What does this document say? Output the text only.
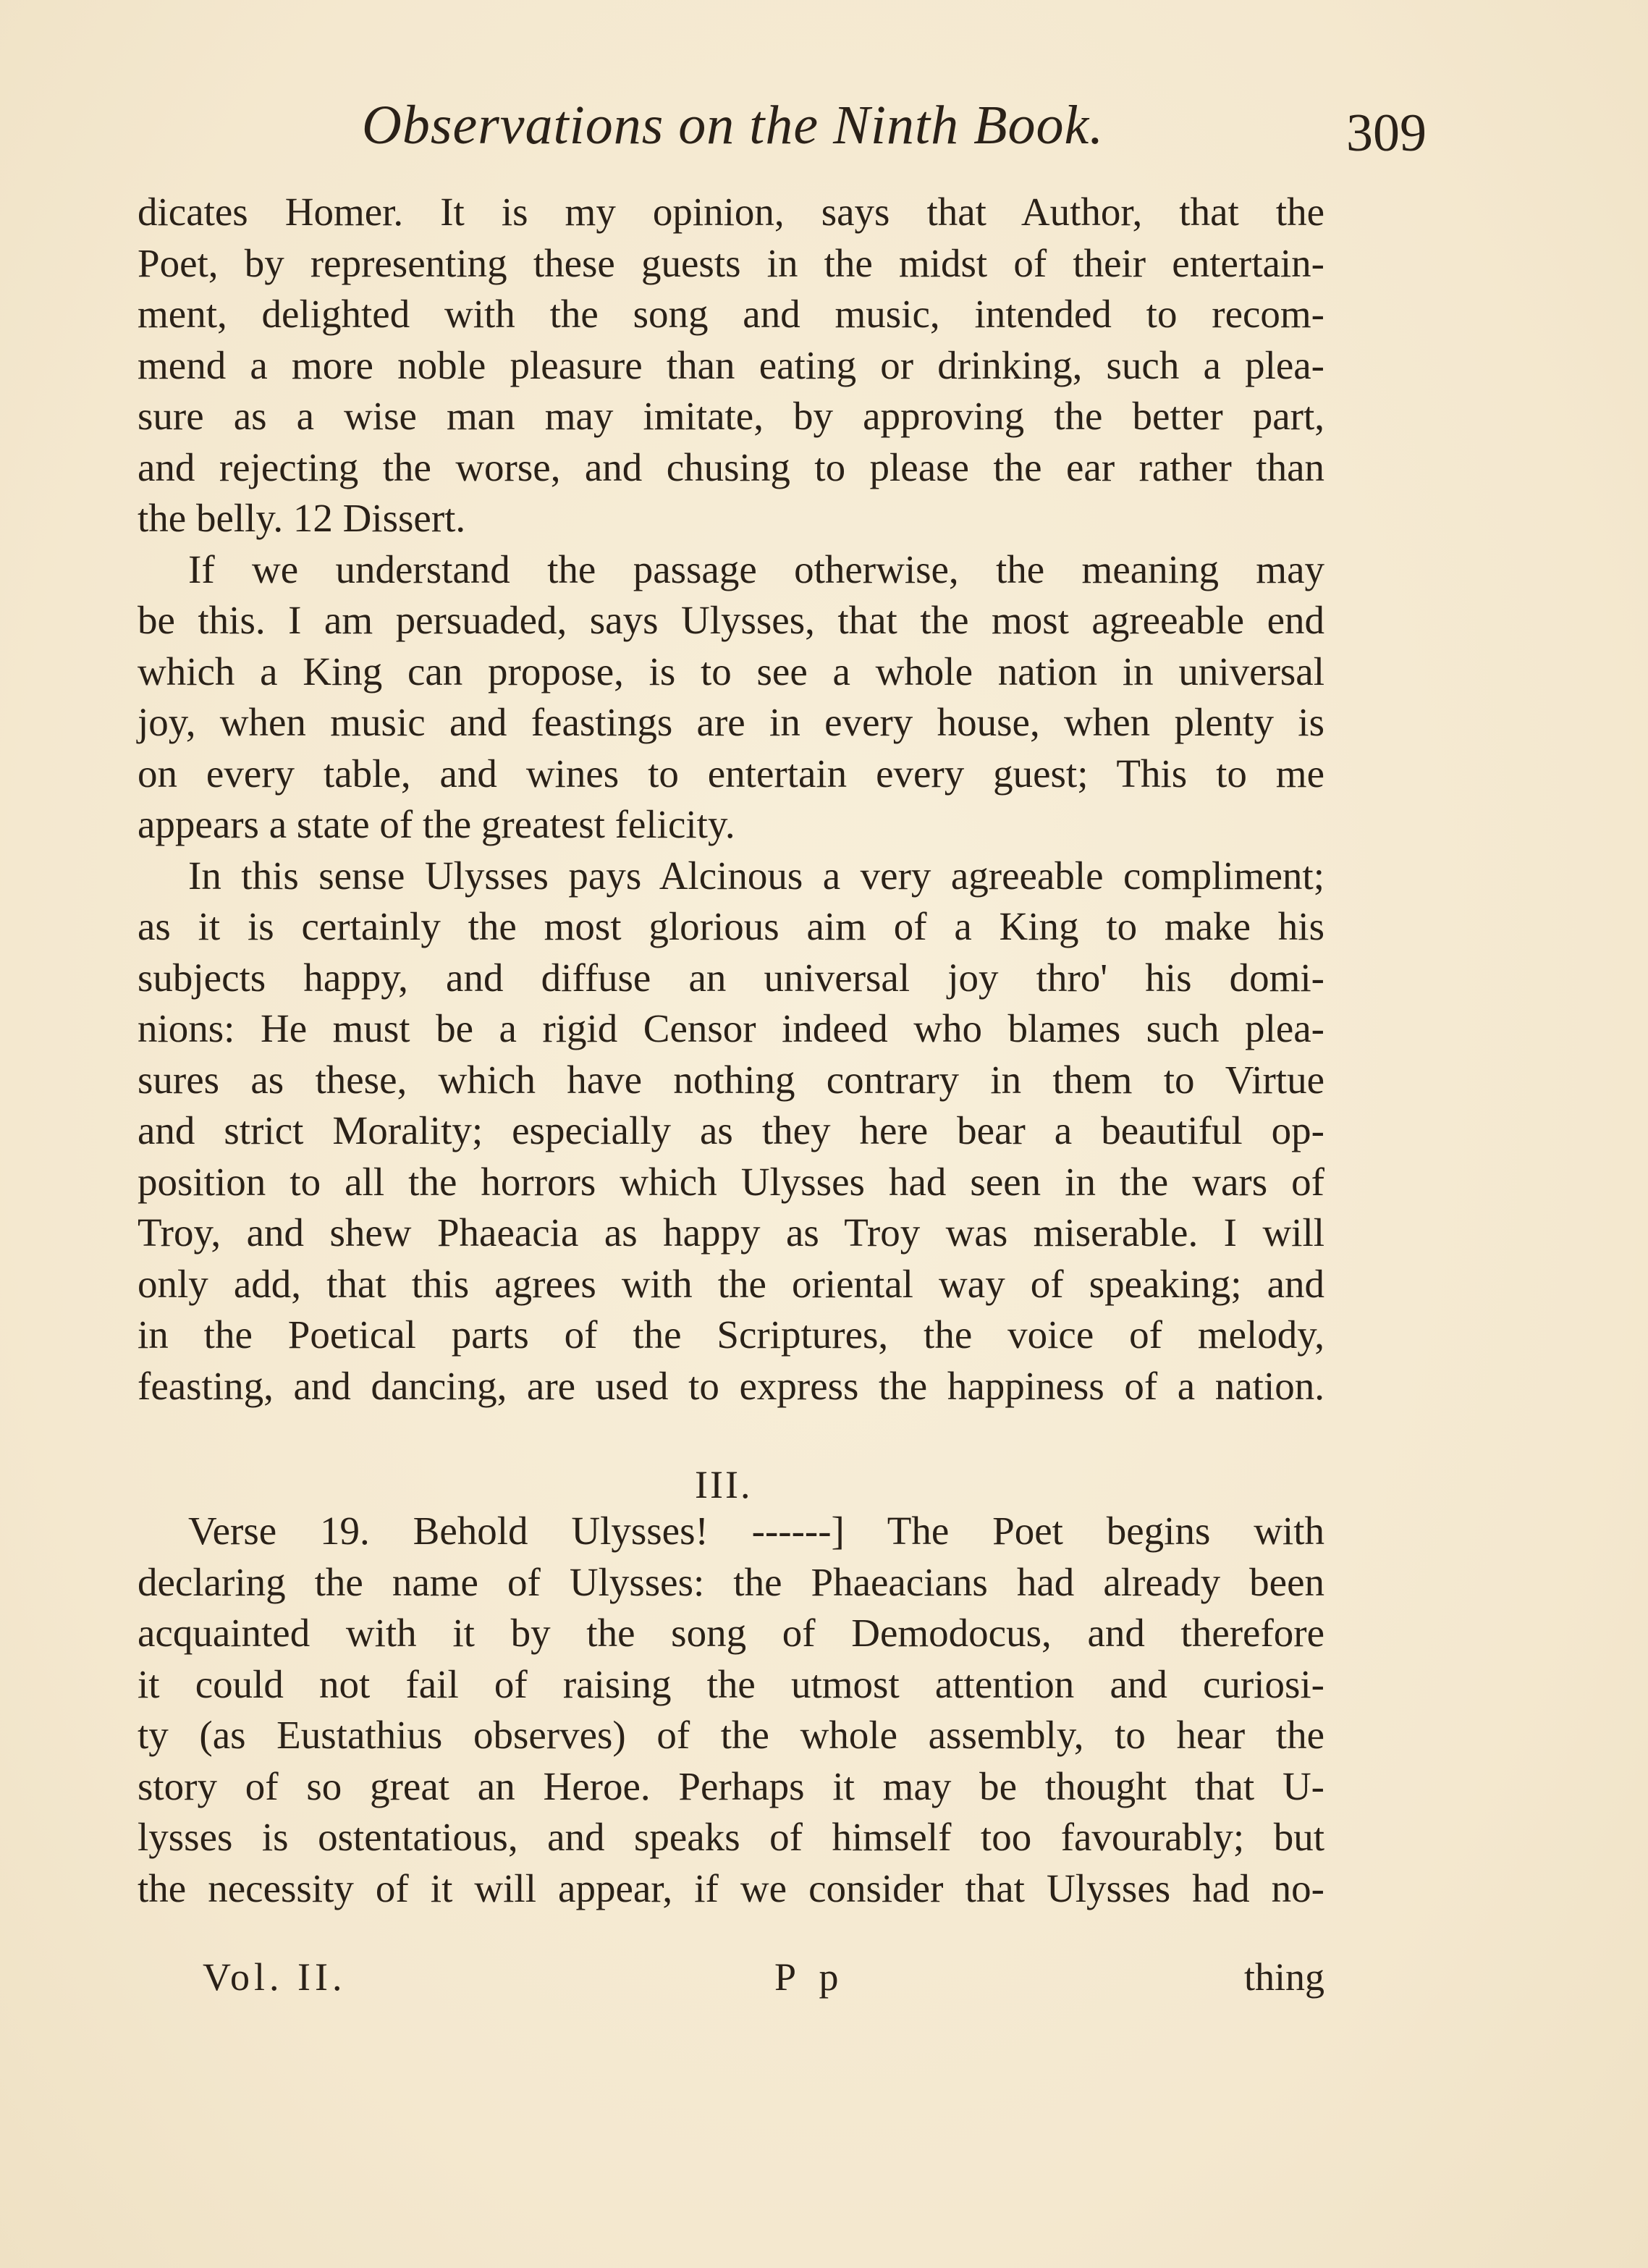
Observations on the Ninth Book.	309
dicates Homer. It is my opinion, says that Author, that the
Poet, by representing these guests in the midst of their entertain-
ment, delighted with the song and music, intended to recom-
mend a more noble pleasure than eating or drinking, such a plea-
sure as a wise man may imitate, by approving the better part,
and rejecting the worse, and chusing to please the ear rather than
the belly. 12 Dissert.
If we understand the passage otherwise, the meaning may
be this. I am persuaded, says Ulysses, that the most agreeable end
which a King can propose, is to see a whole nation in universal
joy, when music and feastings are in every house, when plenty is
on every table, and wines to entertain every guest; This to me
appears a state of the greatest felicity.
In this sense Ulysses pays Alcinous a very agreeable compliment;
as it is certainly the most glorious aim of a King to make his
subjects happy, and diffuse an universal joy thro' his domi-
nions: He must be a rigid Censor indeed who blames such plea-
sures as these, which have nothing contrary in them to Virtue
and strict Morality; especially as they here bear a beautiful op-
position to all the horrors which Ulysses had seen in the wars of
Troy, and shew Phaeacia as happy as Troy was miserable. I will
only add, that this agrees with the oriental way of speaking; and
in the Poetical parts of the Scriptures, the voice of melody,
feasting, and dancing, are used to express the happiness of a nation.
III.
Verse 19. Behold Ulysses! ------] The Poet begins with
declaring the name of Ulysses: the Phaeacians had already been
acquainted with it by the song of Demodocus, and therefore
it could not fail of raising the utmost attention and curiosi-
ty (as Eustathius observes) of the whole assembly, to hear the
story of so great an Heroe. Perhaps it may be thought that U-
lysses is ostentatious, and speaks of himself too favourably; but
the necessity of it will appear, if we consider that Ulysses had no-
Vol. II.	P p	thing
